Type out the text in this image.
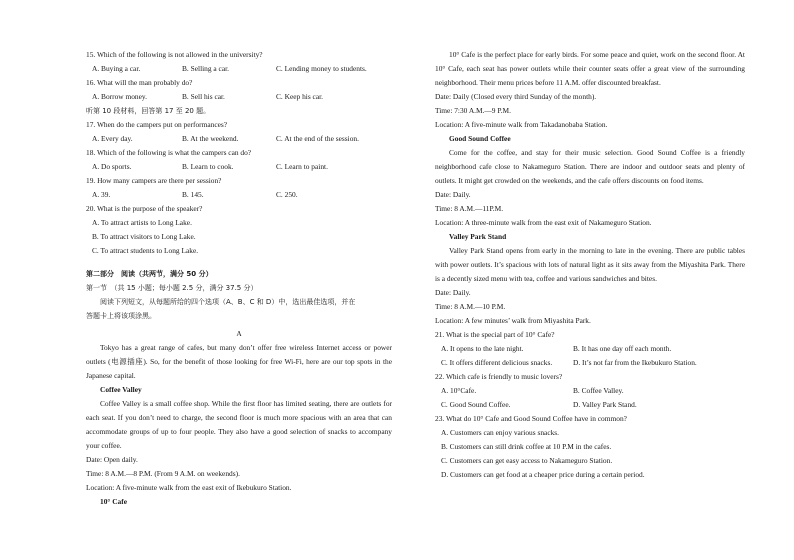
15. Which of the following is not allowed in the university?
A. Buying a car.	B. Selling a car.	C. Lending money to students.
16. What will the man probably do?
A. Borrow money.	B. Sell his car.	C. Keep his car.
听第 10 段材料，回答第 17 至 20 题。
17. When do the campers put on performances?
A. Every day.	B. At the weekend.	C. At the end of the session.
18. Which of the following is what the campers can do?
A. Do sports.	B. Learn to cook.	C. Learn to paint.
19. How many campers are there per session?
A. 39.	B. 145.	C. 250.
20. What is the purpose of the speaker?
A. To attract artists to Long Lake.
B. To attract visitors to Long Lake.
C. To attract students to Long Lake.
第二部分　阅读（共两节，满分 50 分）
第一节　（共 15 小题；每小题 2.5 分，满分 37.5 分）
阅读下列短文，从每题所给的四个选项（A、B、C 和 D）中，选出最佳选项，并在
答题卡上将该项涂黑。
A
Tokyo has a great range of cafes, but many don’t offer free wireless Internet access or power outlets (电源插座). So, for the benefit of those looking for free Wi-Fi, here are our top spots in the Japanese capital.
Coffee Valley
Coffee Valley is a small coffee shop. While the first floor has limited seating, there are outlets for each seat. If you don’t need to charge, the second floor is much more spacious with an area that can accommodate groups of up to four people. They also have a good selection of snacks to accompany your coffee.
Date: Open daily.
Time: 8 A.M.—8 P.M. (From 9 A.M. on weekends).
Location: A five-minute walk from the east exit of Ikebukuro Station.
10° Cafe
10° Cafe is the perfect place for early birds. For some peace and quiet, work on the second floor. At 10° Cafe, each seat has power outlets while their counter seats offer a great view of the surrounding neighborhood. Their menu prices before 11 A.M. offer discounted breakfast.
Date: Daily (Closed every third Sunday of the month).
Time: 7:30 A.M.—9 P.M.
Location: A five-minute walk from Takadanobaba Station.
Good Sound Coffee
Come for the coffee, and stay for their music selection. Good Sound Coffee is a friendly neighborhood cafe close to Nakameguro Station. There are indoor and outdoor seats and plenty of outlets. It might get crowded on the weekends, and the cafe offers discounts on food items.
Date: Daily.
Time: 8 A.M.—11P.M.
Location: A three-minute walk from the east exit of Nakameguro Station.
Valley Park Stand
Valley Park Stand opens from early in the morning to late in the evening. There are public tables with power outlets. It’s spacious with lots of natural light as it sits away from the Miyashita Park. There is a decently sized menu with tea, coffee and various sandwiches and bites.
Date: Daily.
Time: 8 A.M.—10 P.M.
Location: A few minutes’ walk from Miyashita Park.
21. What is the special part of 10° Cafe?
A. It opens to the late night.	B. It has one day off each month.
C. It offers different delicious snacks.	D. It’s not far from the Ikebukuro Station.
22. Which cafe is friendly to music lovers?
A. 10°Cafe.	B. Coffee Valley.
C. Good Sound Coffee.	D. Valley Park Stand.
23. What do 10° Cafe and Good Sound Coffee have in common?
A. Customers can enjoy various snacks.
B. Customers can still drink coffee at 10 P.M in the cafes.
C. Customers can get easy access to Nakameguro Station.
D. Customers can get food at a cheaper price during a certain period.
